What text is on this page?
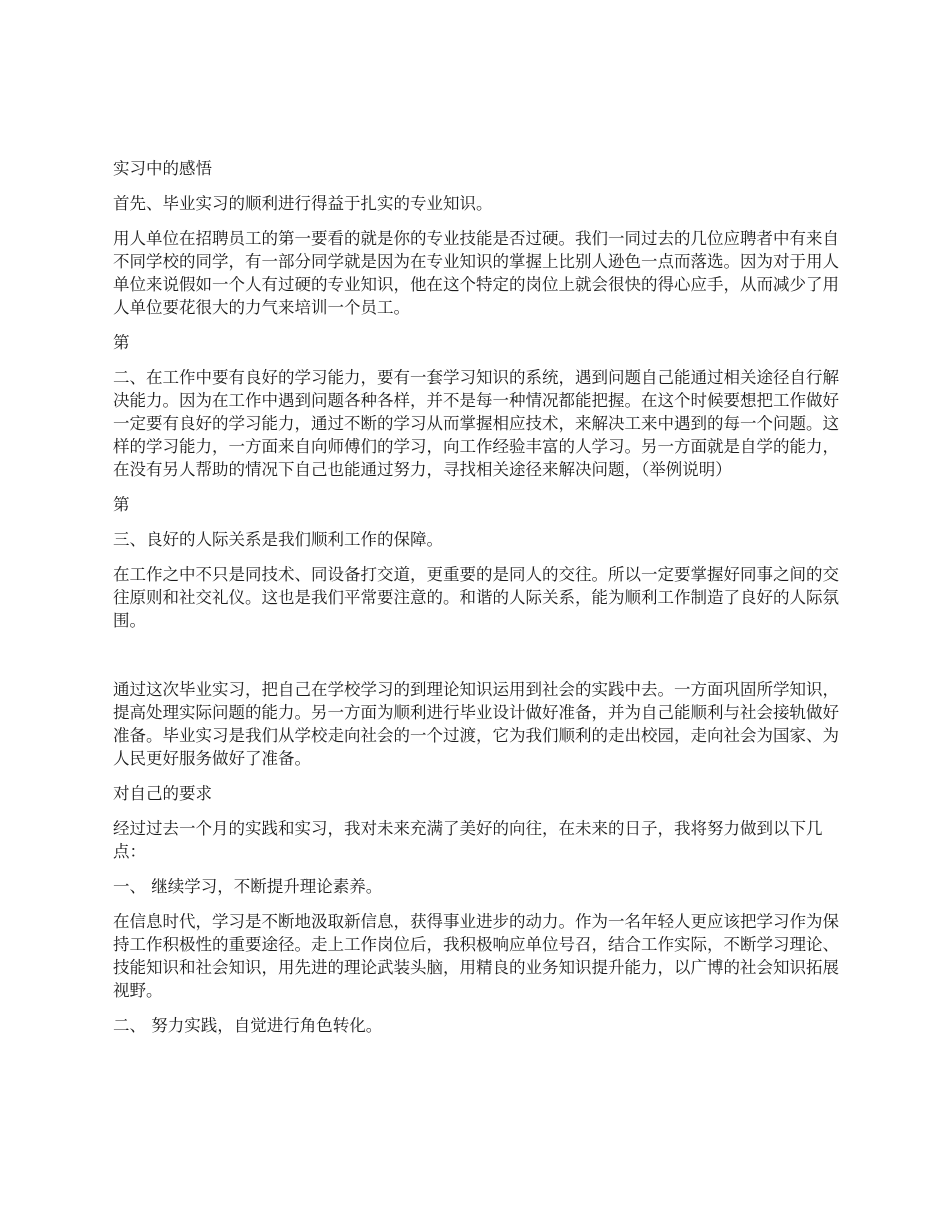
实习中的感悟

首先、毕业实习的顺利进行得益于扎实的专业知识。

用人单位在招聘员工的第一要看的就是你的专业技能是否过硬。我们一同过去的几位应聘者中有来自不同学校的同学，有一部分同学就是因为在专业知识的掌握上比别人逊色一点而落选。因为对于用人单位来说假如一个人有过硬的专业知识，他在这个特定的岗位上就会很快的得心应手，从而减少了用人单位要花很大的力气来培训一个员工。

第

二、在工作中要有良好的学习能力，要有一套学习知识的系统，遇到问题自己能通过相关途径自行解决能力。因为在工作中遇到问题各种各样，并不是每一种情况都能把握。在这个时候要想把工作做好一定要有良好的学习能力，通过不断的学习从而掌握相应技术，来解决工来中遇到的每一个问题。这样的学习能力，一方面来自向师傅们的学习，向工作经验丰富的人学习。另一方面就是自学的能力，在没有另人帮助的情况下自己也能通过努力，寻找相关途径来解决问题，（举例说明）

第

三、良好的人际关系是我们顺利工作的保障。

在工作之中不只是同技术、同设备打交道，更重要的是同人的交往。所以一定要掌握好同事之间的交往原则和社交礼仪。这也是我们平常要注意的。和谐的人际关系，能为顺利工作制造了良好的人际氛围。

通过这次毕业实习，把自己在学校学习的到理论知识运用到社会的实践中去。一方面巩固所学知识，提高处理实际问题的能力。另一方面为顺利进行毕业设计做好准备，并为自己能顺利与社会接轨做好准备。毕业实习是我们从学校走向社会的一个过渡，它为我们顺利的走出校园，走向社会为国家、为人民更好服务做好了准备。

对自己的要求

经过过去一个月的实践和实习，我对未来充满了美好的向往，在未来的日子，我将努力做到以下几点：

一、 继续学习，不断提升理论素养。

在信息时代，学习是不断地汲取新信息，获得事业进步的动力。作为一名年轻人更应该把学习作为保持工作积极性的重要途径。走上工作岗位后，我积极响应单位号召，结合工作实际，不断学习理论、技能知识和社会知识，用先进的理论武装头脑，用精良的业务知识提升能力，以广博的社会知识拓展视野。

二、 努力实践，自觉进行角色转化。
